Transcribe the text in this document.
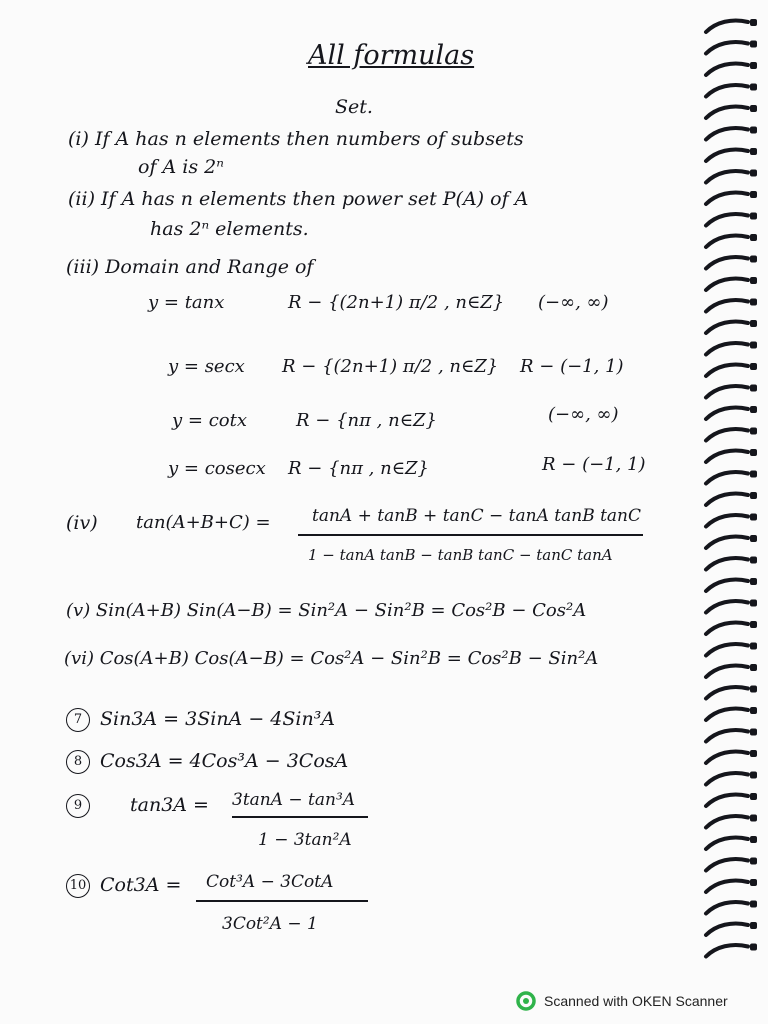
All formulas
Set.
(i) If A has n elements then numbers of subsets
of A is 2ⁿ
(ii) If A has n elements then power set P(A) of A
has 2ⁿ elements.
(iii) Domain and Range of
y = tanx	R − {(2n+1) π/2 , n∈Z} (−∞, ∞)
y = secx R − {(2n+1) π/2 , n∈Z} R − (−1, 1)
y = cotx	R − {nπ , n∈Z}	(−∞, ∞)
y = cosecx R − {nπ , n∈Z}	R − (−1, 1)
(iv) tan(A+B+C) = tanA + tanB + tanC − tanA tanB tanC
1 − tanA tanB − tanB tanC − tanC tanA
(v) Sin(A+B) Sin(A−B) = Sin²A − Sin²B = Cos²B − Cos²A
(vi) Cos(A+B) Cos(A−B) = Cos²A − Sin²B = Cos²B − Sin²A
7 Sin3A = 3SinA − 4Sin³A
8 Cos3A = 4Cos³A − 3CosA
9	tan3A = 3tanA − tan³A
1 − 3tan²A
10 Cot3A = Cot³A − 3CotA
3Cot²A − 1
Scanned with OKEN Scanner
